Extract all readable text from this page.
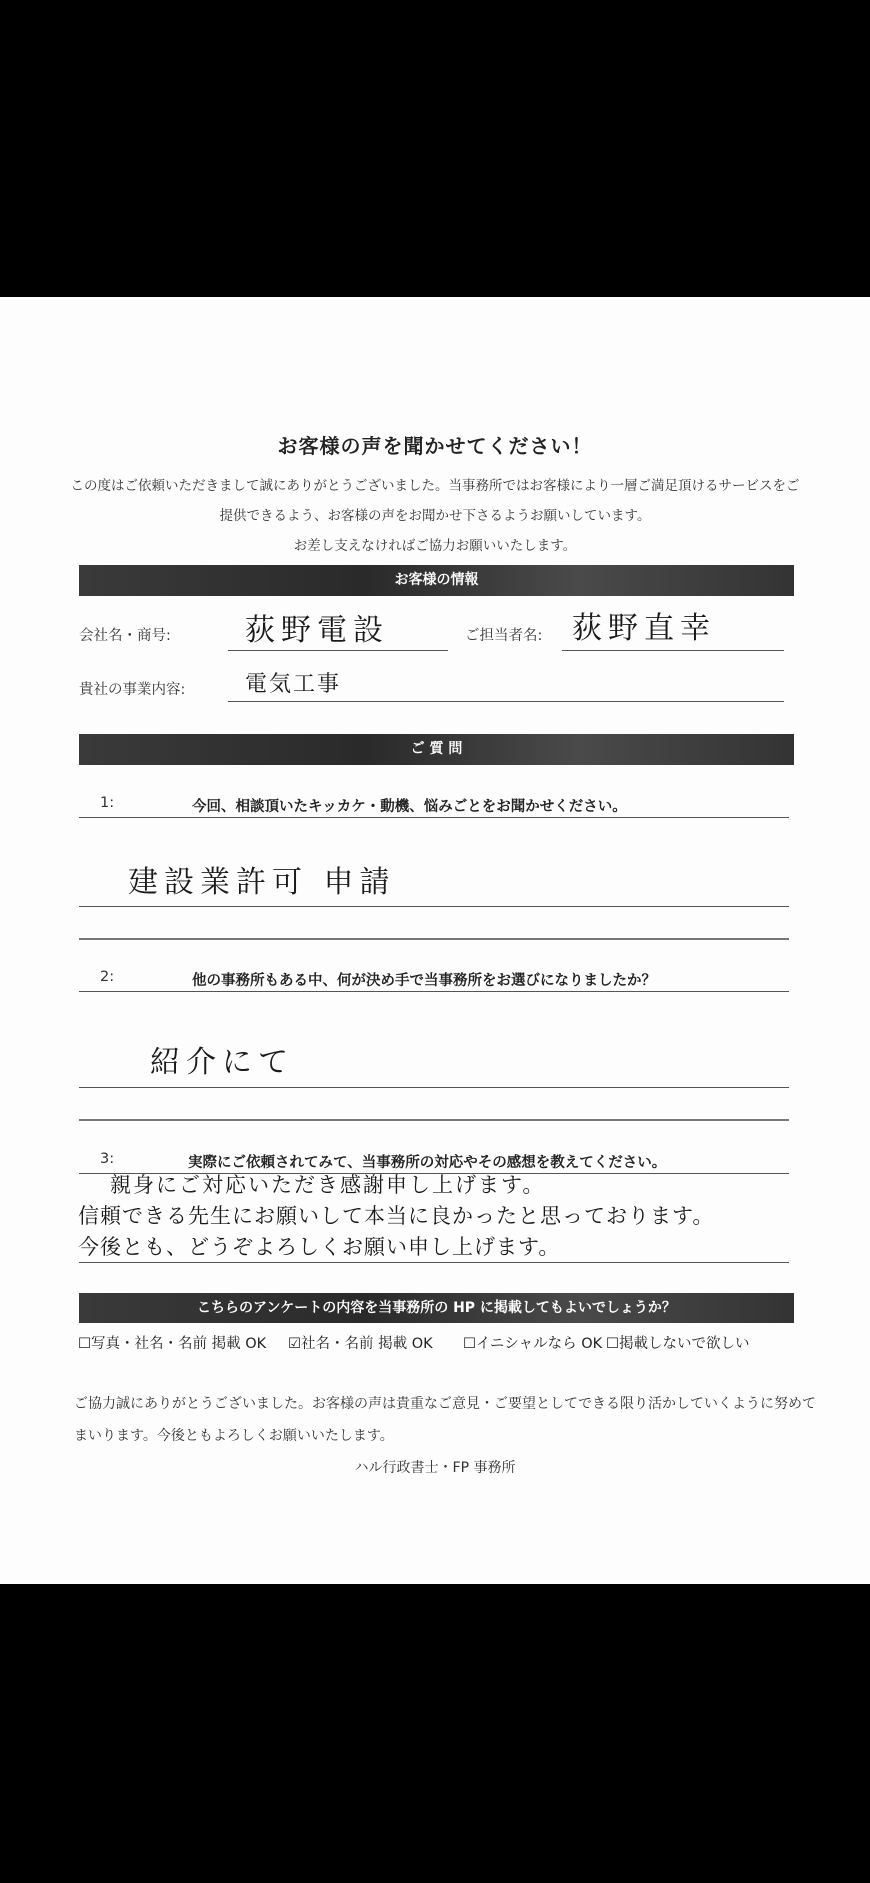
お客様の声を聞かせてください！
この度はご依頼いただきまして誠にありがとうございました。当事務所ではお客様により一層ご満足頂けるサービスをご
提供できるよう、お客様の声をお聞かせ下さるようお願いしています。
お差し支えなければご協力お願いいたします。
お客様の情報
会社名・商号: 荻野電設	ご担当者名: 荻野直幸
貴社の事業内容:	電気工事
ご 質 問
1:	今回、相談頂いたキッカケ・動機、悩みごとをお聞かせください。
建設業許可 申請
2:	他の事務所もある中、何が決め手で当事務所をお選びになりましたか？
紹介にて
3:	実際にご依頼されてみて、当事務所の対応やその感想を教えてください。
親身にご対応いただき感謝申し上げます。
信頼できる先生にお願いして本当に良かったと思っております。
今後とも、どうぞよろしくお願い申し上げます。
こちらのアンケートの内容を当事務所の HP に掲載してもよいでしょうか？
☐写真・社名・名前 掲載 OK ☑社名・名前 掲載 OK ☐イニシャルなら OK ☐掲載しないで欲しい
ご協力誠にありがとうございました。お客様の声は貴重なご意見・ご要望としてできる限り活かしていくように努めて
まいります。今後ともよろしくお願いいたします。
ハル行政書士・FP 事務所
